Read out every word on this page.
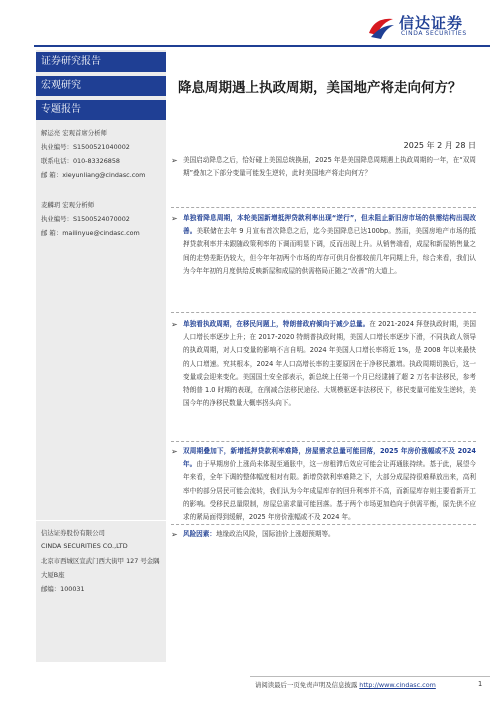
信达证券
CINDA SECURITIES
证券研究报告
宏观研究
专题报告
解运亮 宏观首席分析师
执业编号：S1500521040002
联系电话：010-83326858
邮 箱：xieyunliang@cindasc.com
麦麟玥 宏观分析师
执业编号：S1500524070002
邮 箱：mailinyue@cindasc.com
信达证券股份有限公司
CINDA SECURITIES CO.,LTD
北京市西城区宣武门西大街甲 127 号金隅
大厦B座
邮编：100031
降息周期遇上执政周期，美国地产将走向何方？
2025 年 2 月 28 日
➢ 美国启动降息之后，恰好碰上美国总统换届，2025 年是美国降息周期遇上执政周期的一年，在“双周期”叠加之下部分变量可能发生逆转，此时美国地产将走向何方？

➢ 单独看降息周期，本轮美国新增抵押贷款利率出现“逆行”，但未阻止新旧房市场的供需结构出现改善。美联储在去年 9 月宣布首次降息之后，迄今美国降息已达100bp。然而，美国房地产市场的抵押贷款利率并未跟随政策利率的下调而明显下调，反而出现上升。从销售端看，成屋和新屋销售量之间的走势差距仍较大，但今年年初两个市场的库存可供月份都较前几年同期上升，综合来看，我们认为今年年初的月度供给反映新屋和成屋的供需格局正随之“改善”的大道上。

➢ 单独看执政周期，在移民问题上，特朗普政府倾向于减少总量。在 2021-2024 拜登执政时期，美国人口增长率逐步上升；在 2017-2020 特朗普执政时期，美国人口增长率逐步下滑，不同执政人领导的执政周期，对人口变量的影响不言自明。2024 年美国人口增长率将近 1%，是 2008 年以来最快的人口增速。究其根本，2024 年人口高增长率的主要原因在于净移民激增。执政周期切换后，这一变量或会迎来变化。美国国土安全部表示，新总统上任第一个月已经逮捕了超 2 万名非法移民，参考特朗普 1.0 时期的表现，在削减合法移民途径、大规模驱逐非法移民下，移民变量可能发生逆转，美国今年的净移民数量大概率拐头向下。

➢ 双周期叠加下，新增抵押贷款利率难降，房屋需求总量可能回落，2025 年房价涨幅或不及 2024 年。由于早期房价上涨尚未体现至通胀中，这一房租滞后效应可能会让再通胀持续。基于此，展望今年来看，全年下调的整体幅度相对有限。新增贷款利率难降之下，大部分成屋持很难释放出来，高利率中的部分居民可能会流转，我们认为今年成屋库存的回升利率并不高，而新屋库存则主要看新开工的影响。受移民总量限制，房屋总需求量可能回落。基于两个市场更加趋向于供需平衡，原先供不应求的紧局面得到缓解，2025 年房价涨幅或不及 2024 年。

➢ 风险因素：地缘政治风险，国际油价上涨超预期等。

请阅读最后一页免责声明及信息披露 http://www.cindasc.com	1
